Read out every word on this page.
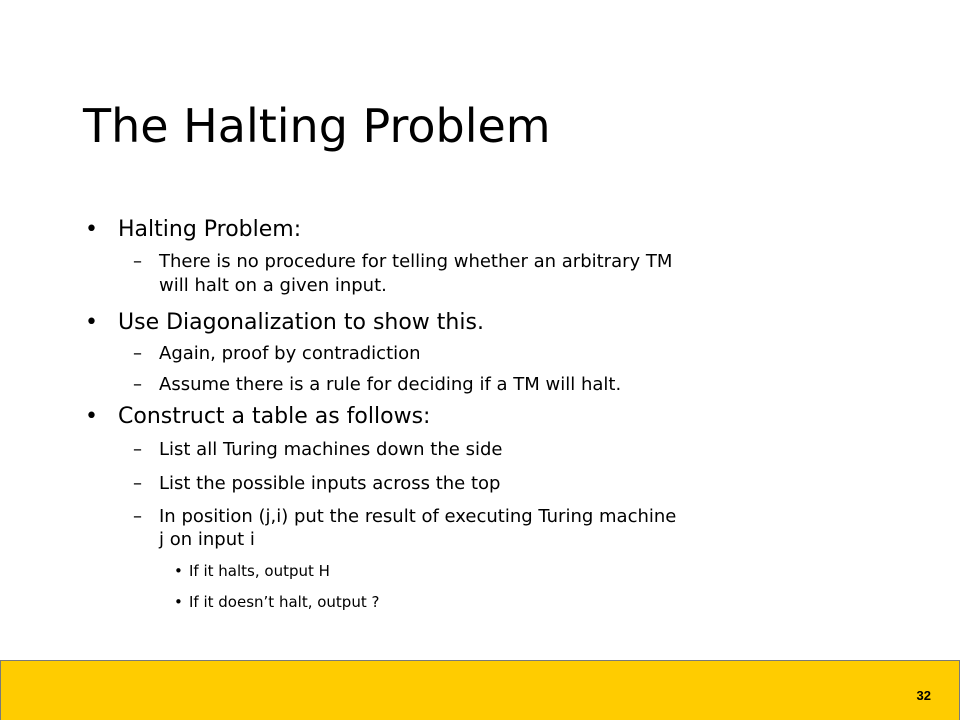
The Halting Problem
• Halting Problem:
– There is no procedure for telling whether an arbitrary TM
will halt on a given input.
• Use Diagonalization to show this.
– Again, proof by contradiction
– Assume there is a rule for deciding if a TM will halt.
• Construct a table as follows:
– List all Turing machines down the side
– List the possible inputs across the top
– In position (j,i) put the result of executing Turing machine
j on input i
• If it halts, output H
• If it doesn’t halt, output ?
32
